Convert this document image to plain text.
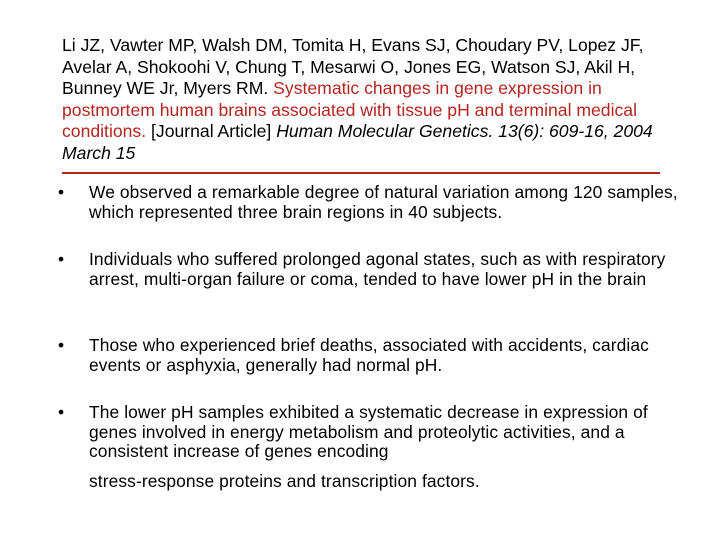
Li JZ, Vawter MP, Walsh DM, Tomita H, Evans SJ, Choudary PV, Lopez JF, Avelar A, Shokoohi V, Chung T, Mesarwi O, Jones EG, Watson SJ, Akil H, Bunney WE Jr, Myers RM. Systematic changes in gene expression in postmortem human brains associated with tissue pH and terminal medical conditions. [Journal Article] Human Molecular Genetics. 13(6): 609-16, 2004 March 15
• We observed a remarkable degree of natural variation among 120 samples, which represented three brain regions in 40 subjects.
• Individuals who suffered prolonged agonal states, such as with respiratory arrest, multi-organ failure or coma, tended to have lower pH in the brain
• Those who experienced brief deaths, associated with accidents, cardiac events or asphyxia, generally had normal pH.
• The lower pH samples exhibited a systematic decrease in expression of genes involved in energy metabolism and proteolytic activities, and a consistent increase of genes encoding
stress-response proteins and transcription factors.
